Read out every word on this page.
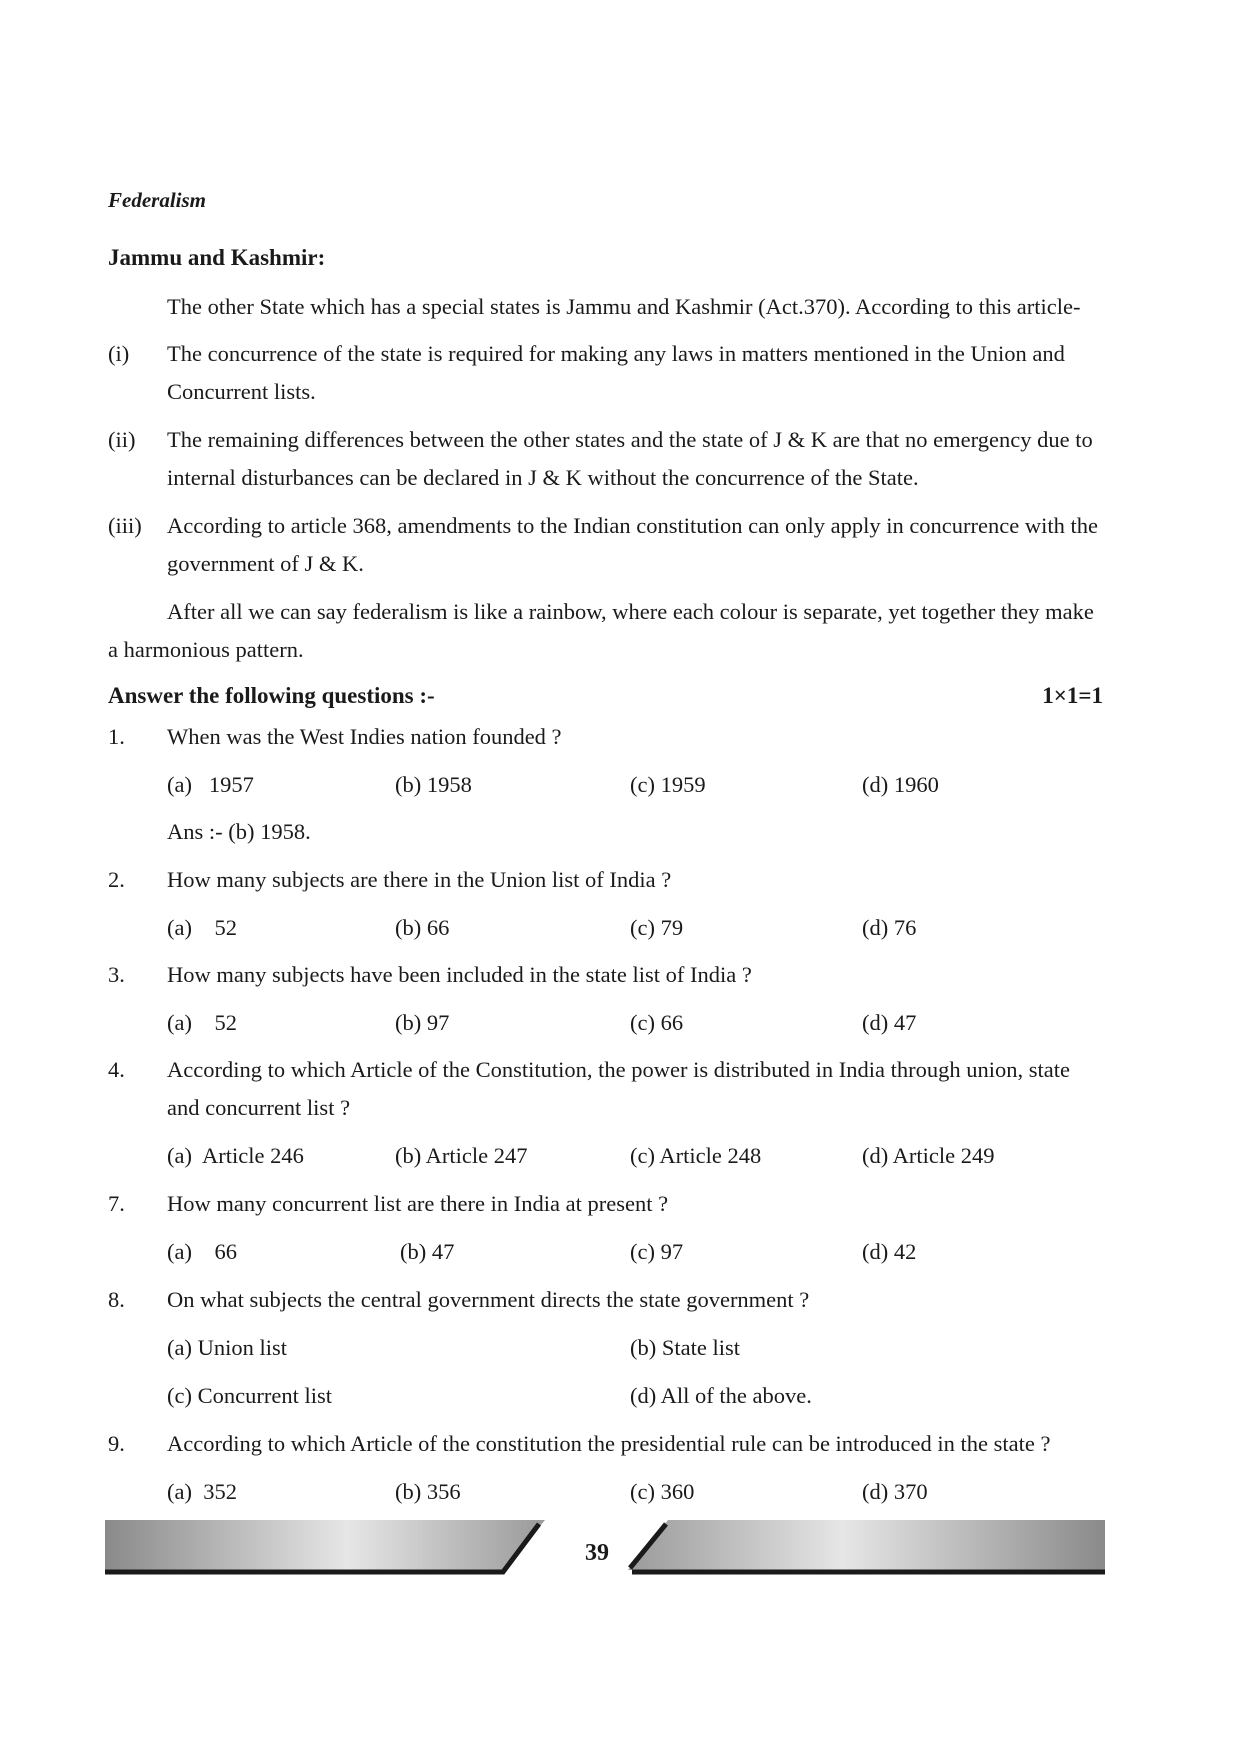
Federalism
Jammu and Kashmir:
The other State which has a special states is Jammu and Kashmir (Act.370). According to this article-
(i) The concurrence of the state is required for making any laws in matters mentioned in the Union and Concurrent lists.
(ii) The remaining differences between the other states and the state of J & K are that no emergency due to internal disturbances can be declared in J & K without the concurrence of the State.
(iii) According to article 368, amendments to the Indian constitution can only apply in concurrence with the government of J & K.
After all we can say federalism is like a rainbow, where each colour is separate, yet together they make a harmonious pattern.
Answer the following questions :-	1×1=1
1. When was the West Indies nation founded ?
(a)   1957	(b) 1958	(c) 1959	(d) 1960
Ans :- (b) 1958.
2. How many subjects are there in the Union list of India ?
(a)    52	(b) 66	(c) 79	(d) 76
3. How many subjects have been included in the state list of India ?
(a)    52	(b) 97	(c) 66	(d) 47
4. According to which Article of the Constitution, the power is distributed in India through union, state and concurrent list ?
(a)  Article 246	(b) Article 247	(c) Article 248	(d) Article 249
7. How many concurrent list are there in India at present ?
(a)    66	(b) 47	(c) 97	(d) 42
8. On what subjects the central government directs the state government ?
(a) Union list	(b) State list
(c) Concurrent list	(d) All of the above.
9. According to which Article of the constitution the presidential rule can be introduced in the state ?
(a)  352	(b) 356	(c) 360	(d) 370
39
